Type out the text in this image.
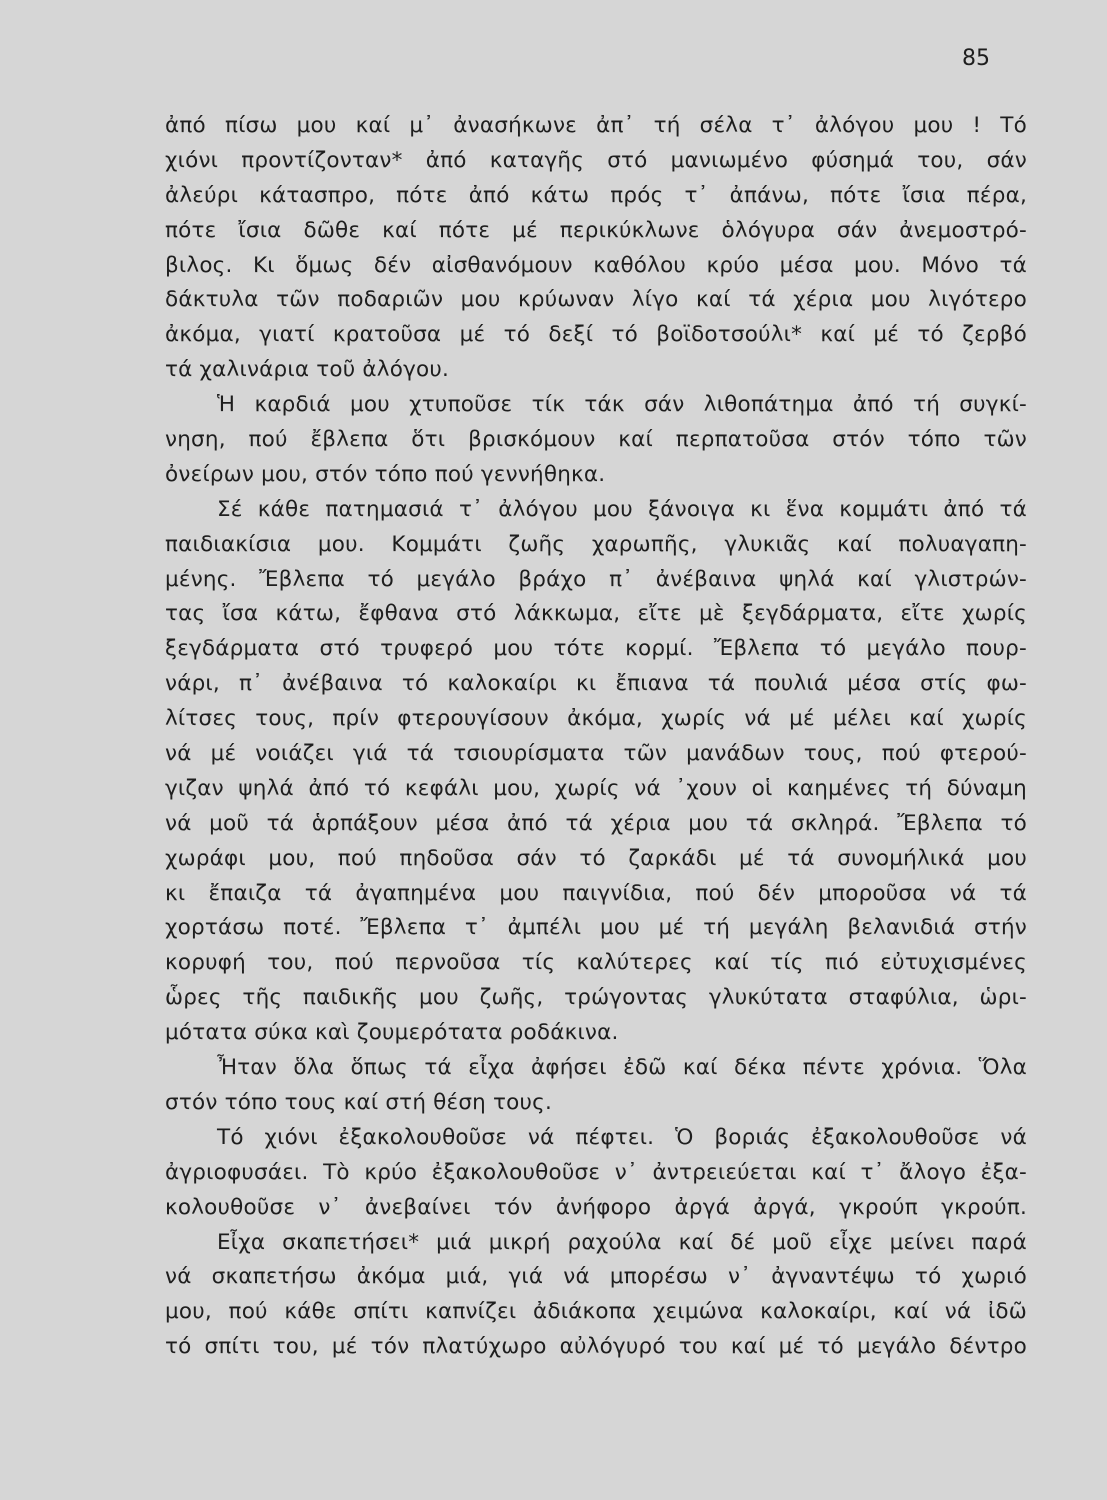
85
ἀπό πίσω μου καί μ᾽ ἀνασήκωνε ἀπ᾽ τή σέλα τ᾽ ἀλόγου μου ! Τό
χιόνι προντίζονταν* ἀπό καταγῆς στό μανιωμένο φύσημά του, σάν
ἀλεύρι κάτασπρο, πότε ἀπό κάτω πρός τ᾽ ἀπάνω, πότε ἴσια πέρα,
πότε ἴσια δῶθε καί πότε μέ περικύκλωνε ὁλόγυρα σάν ἀνεμοστρό-
βιλος. Κι ὅμως δέν αἰσθανόμουν καθόλου κρύο μέσα μου. Μόνο τά
δάκτυλα τῶν ποδαριῶν μου κρύωναν λίγο καί τά χέρια μου λιγότερο
ἀκόμα, γιατί κρατοῦσα μέ τό δεξί τό βοϊδοτσούλι* καί μέ τό ζερβό
τά χαλινάρια τοῦ ἀλόγου.
Ἡ καρδιά μου χτυποῦσε τίκ τάκ σάν λιθοπάτημα ἀπό τή συγκί-
νηση, πού ἔβλεπα ὅτι βρισκόμουν καί περπατοῦσα στόν τόπο τῶν
ὀνείρων μου, στόν τόπο πού γεννήθηκα.
Σέ κάθε πατημασιά τ᾽ ἀλόγου μου ξάνοιγα κι ἕνα κομμάτι ἀπό τά
παιδιακίσια μου. Κομμάτι ζωῆς χαρωπῆς, γλυκιᾶς καί πολυαγαπη-
μένης. Ἔβλεπα τό μεγάλο βράχο π᾽ ἀνέβαινα ψηλά καί γλιστρών-
τας ἴσα κάτω, ἔφθανα στό λάκκωμα, εἴτε μὲ ξεγδάρματα, εἴτε χωρίς
ξεγδάρματα στό τρυφερό μου τότε κορμί. Ἔβλεπα τό μεγάλο πουρ-
νάρι, π᾽ ἀνέβαινα τό καλοκαίρι κι ἔπιανα τά πουλιά μέσα στίς φω-
λίτσες τους, πρίν φτερουγίσουν ἀκόμα, χωρίς νά μέ μέλει καί χωρίς
νά μέ νοιάζει γιά τά τσιουρίσματα τῶν μανάδων τους, πού φτερού-
γιζαν ψηλά ἀπό τό κεφάλι μου, χωρίς νά ᾽χουν οἱ καημένες τή δύναμη
νά μοῦ τά ἁρπάξουν μέσα ἀπό τά χέρια μου τά σκληρά. Ἔβλεπα τό
χωράφι μου, πού πηδοῦσα σάν τό ζαρκάδι μέ τά συνομήλικά μου
κι ἔπαιζα τά ἀγαπημένα μου παιγνίδια, πού δέν μποροῦσα νά τά
χορτάσω ποτέ. Ἔβλεπα τ᾽ ἀμπέλι μου μέ τή μεγάλη βελανιδιά στήν
κορυφή του, πού περνοῦσα τίς καλύτερες καί τίς πιό εὐτυχισμένες
ὧρες τῆς παιδικῆς μου ζωῆς, τρώγοντας γλυκύτατα σταφύλια, ὡρι-
μότατα σύκα καὶ ζουμερότατα ροδάκινα.
Ἦταν ὅλα ὅπως τά εἶχα ἀφήσει ἐδῶ καί δέκα πέντε χρόνια. Ὅλα
στόν τόπο τους καί στή θέση τους.
Τό χιόνι ἐξακολουθοῦσε νά πέφτει. Ὁ βοριάς ἐξακολουθοῦσε νά
ἀγριοφυσάει. Τὸ κρύο ἐξακολουθοῦσε ν᾽ ἀντρειεύεται καί τ᾽ ἄλογο ἐξα-
κολουθοῦσε ν᾽ ἀνεβαίνει τόν ἀνήφορο ἀργά ἀργά, γκρούπ γκρούπ.
Εἶχα σκαπετήσει* μιά μικρή ραχούλα καί δέ μοῦ εἶχε μείνει παρά
νά σκαπετήσω ἀκόμα μιά, γιά νά μπορέσω ν᾽ ἀγναντέψω τό χωριό
μου, πού κάθε σπίτι καπνίζει ἀδιάκοπα χειμώνα καλοκαίρι, καί νά ἰδῶ
τό σπίτι του, μέ τόν πλατύχωρο αὐλόγυρό του καί μέ τό μεγάλο δέντρο
